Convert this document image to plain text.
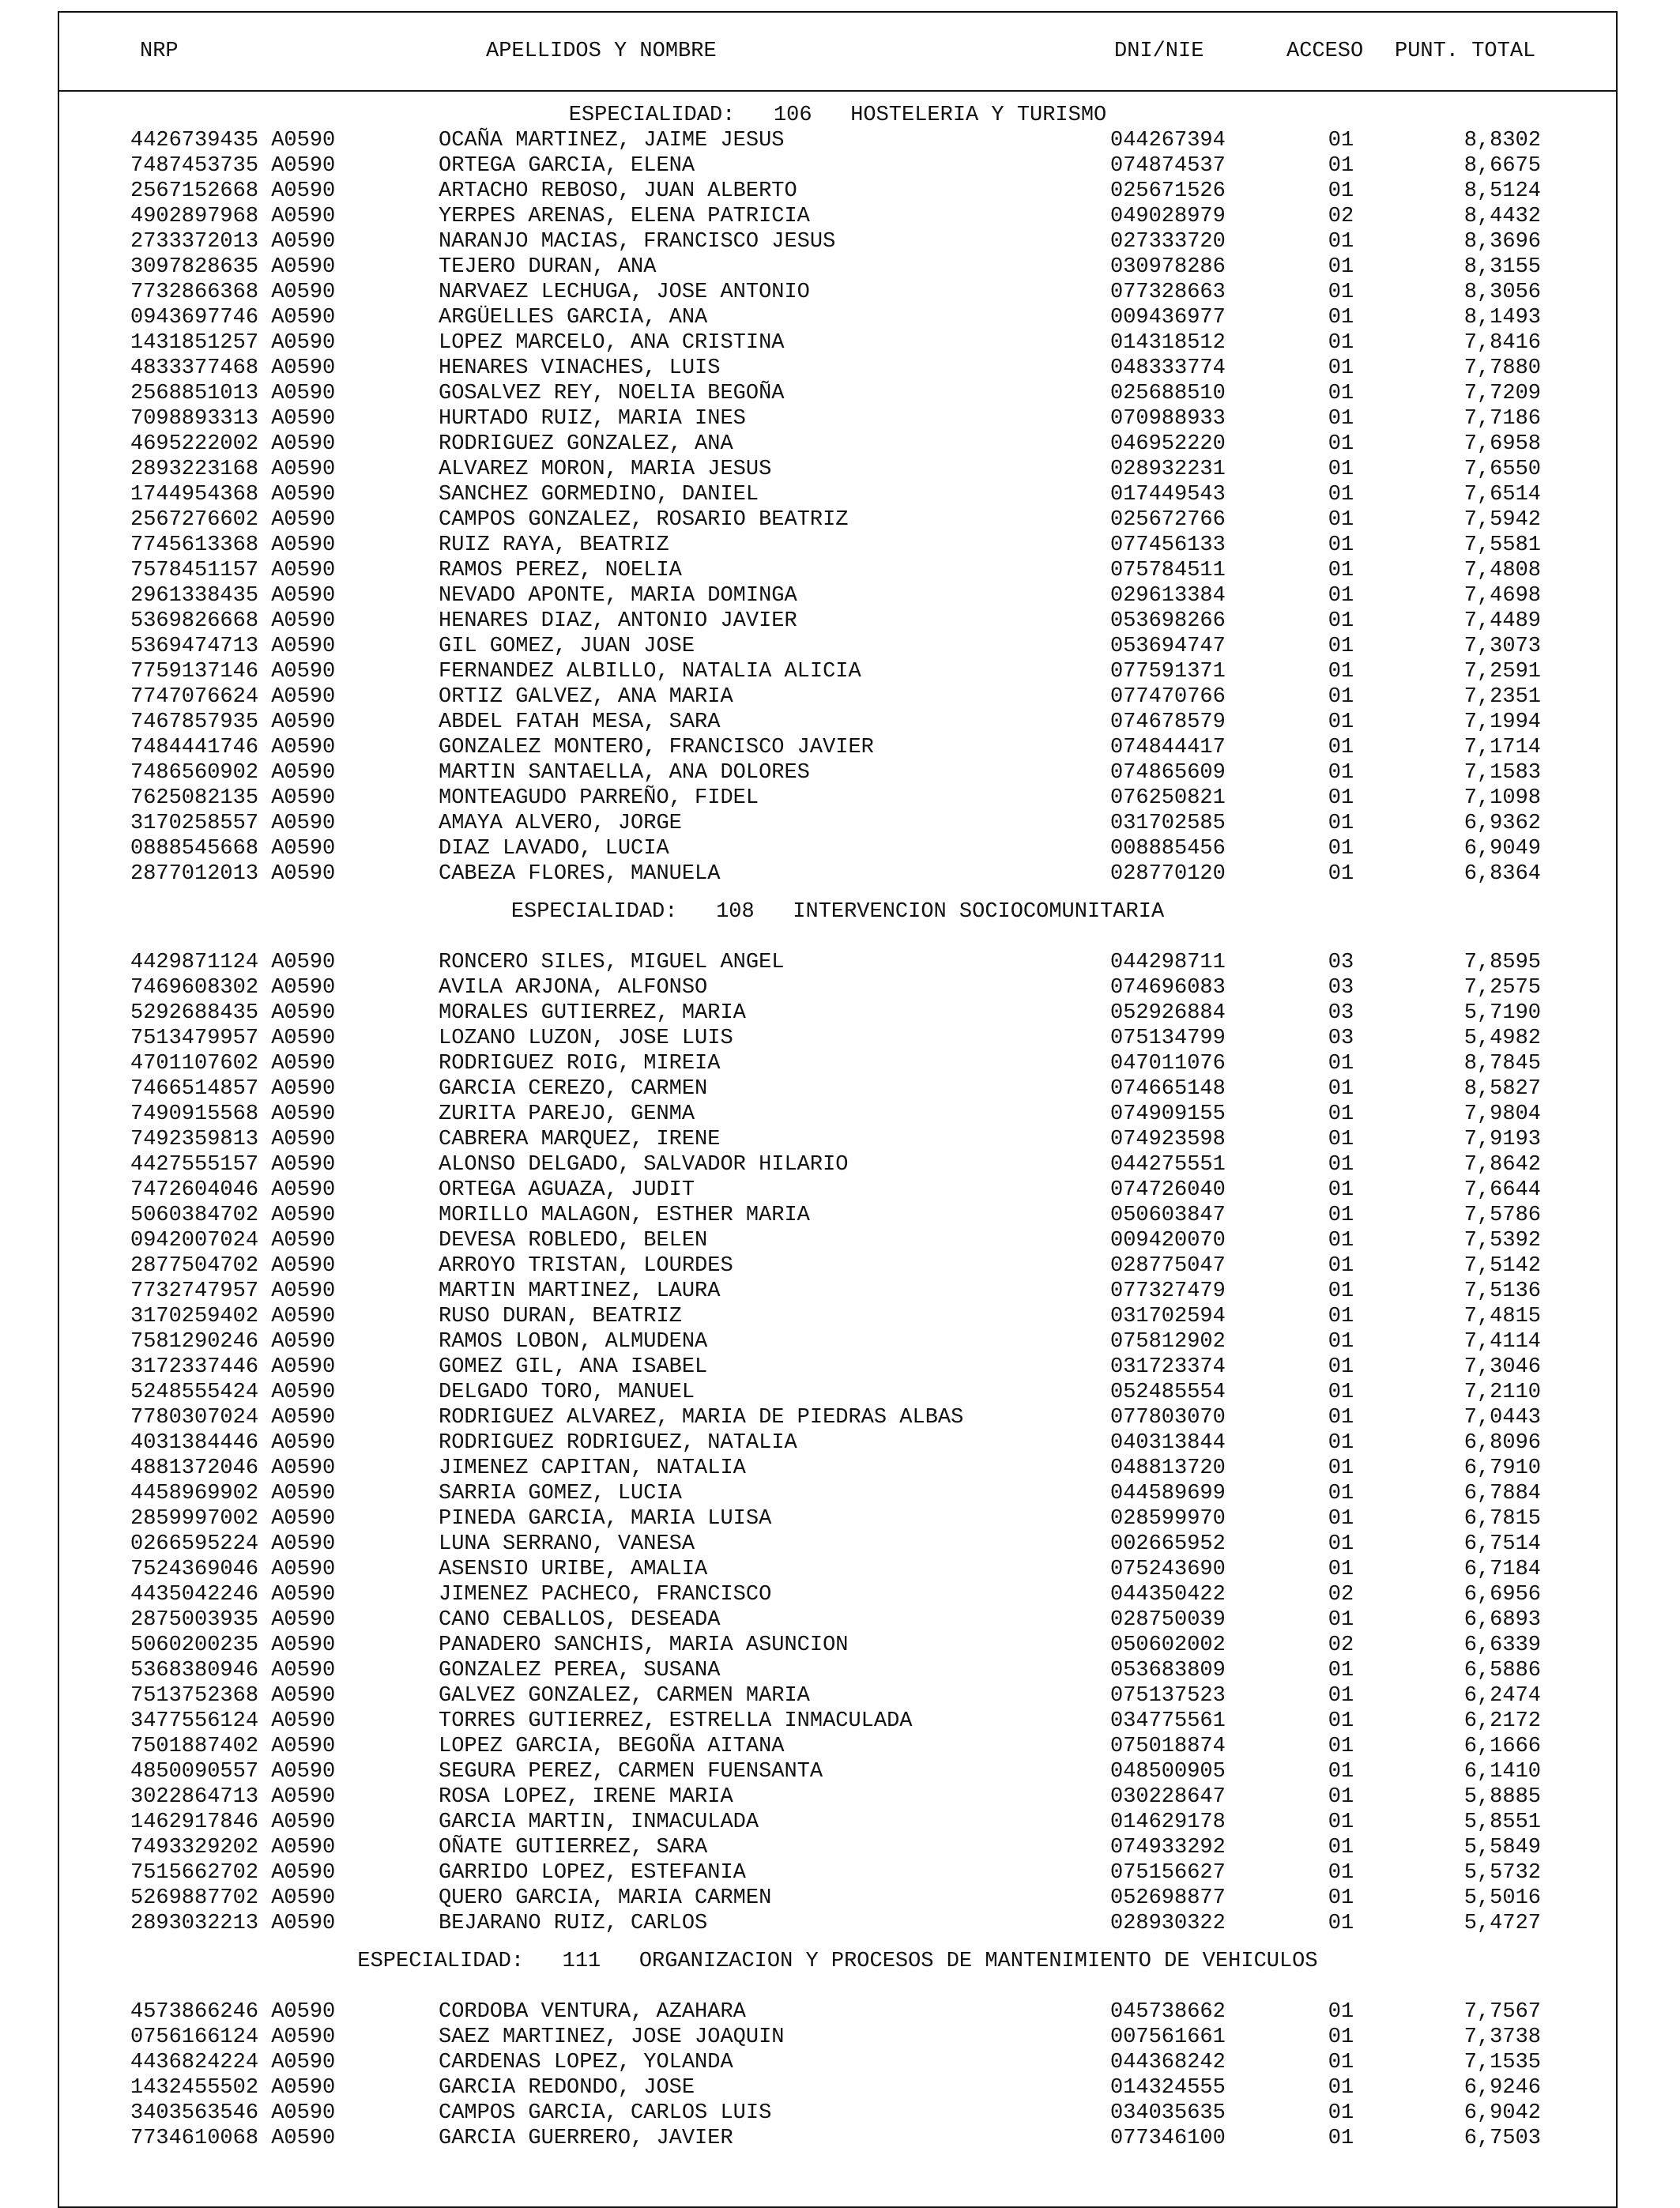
NRP	APELLIDOS Y NOMBRE	DNI/NIE	ACCESO PUNT. TOTAL
ESPECIALIDAD:   106   HOSTELERIA Y TURISMO
4426739435 A0590	OCAÑA MARTINEZ, JAIME JESUS	044267394	01	8,8302
7487453735 A0590	ORTEGA GARCIA, ELENA	074874537	01	8,6675
2567152668 A0590	ARTACHO REBOSO, JUAN ALBERTO	025671526	01	8,5124
4902897968 A0590	YERPES ARENAS, ELENA PATRICIA	049028979	02	8,4432
2733372013 A0590	NARANJO MACIAS, FRANCISCO JESUS	027333720	01	8,3696
3097828635 A0590	TEJERO DURAN, ANA	030978286	01	8,3155
7732866368 A0590	NARVAEZ LECHUGA, JOSE ANTONIO	077328663	01	8,3056
0943697746 A0590	ARGÜELLES GARCIA, ANA	009436977	01	8,1493
1431851257 A0590	LOPEZ MARCELO, ANA CRISTINA	014318512	01	7,8416
4833377468 A0590	HENARES VINACHES, LUIS	048333774	01	7,7880
2568851013 A0590	GOSALVEZ REY, NOELIA BEGOÑA	025688510	01	7,7209
7098893313 A0590	HURTADO RUIZ, MARIA INES	070988933	01	7,7186
4695222002 A0590	RODRIGUEZ GONZALEZ, ANA	046952220	01	7,6958
2893223168 A0590	ALVAREZ MORON, MARIA JESUS	028932231	01	7,6550
1744954368 A0590	SANCHEZ GORMEDINO, DANIEL	017449543	01	7,6514
2567276602 A0590	CAMPOS GONZALEZ, ROSARIO BEATRIZ	025672766	01	7,5942
7745613368 A0590	RUIZ RAYA, BEATRIZ	077456133	01	7,5581
7578451157 A0590	RAMOS PEREZ, NOELIA	075784511	01	7,4808
2961338435 A0590	NEVADO APONTE, MARIA DOMINGA	029613384	01	7,4698
5369826668 A0590	HENARES DIAZ, ANTONIO JAVIER	053698266	01	7,4489
5369474713 A0590	GIL GOMEZ, JUAN JOSE	053694747	01	7,3073
7759137146 A0590	FERNANDEZ ALBILLO, NATALIA ALICIA	077591371	01	7,2591
7747076624 A0590	ORTIZ GALVEZ, ANA MARIA	077470766	01	7,2351
7467857935 A0590	ABDEL FATAH MESA, SARA	074678579	01	7,1994
7484441746 A0590	GONZALEZ MONTERO, FRANCISCO JAVIER	074844417	01	7,1714
7486560902 A0590	MARTIN SANTAELLA, ANA DOLORES	074865609	01	7,1583
7625082135 A0590	MONTEAGUDO PARREÑO, FIDEL	076250821	01	7,1098
3170258557 A0590	AMAYA ALVERO, JORGE	031702585	01	6,9362
0888545668 A0590	DIAZ LAVADO, LUCIA	008885456	01	6,9049
2877012013 A0590	CABEZA FLORES, MANUELA	028770120	01	6,8364
ESPECIALIDAD:   108   INTERVENCION SOCIOCOMUNITARIA
4429871124 A0590	RONCERO SILES, MIGUEL ANGEL	044298711	03	7,8595
7469608302 A0590	AVILA ARJONA, ALFONSO	074696083	03	7,2575
5292688435 A0590	MORALES GUTIERREZ, MARIA	052926884	03	5,7190
7513479957 A0590	LOZANO LUZON, JOSE LUIS	075134799	03	5,4982
4701107602 A0590	RODRIGUEZ ROIG, MIREIA	047011076	01	8,7845
7466514857 A0590	GARCIA CEREZO, CARMEN	074665148	01	8,5827
7490915568 A0590	ZURITA PAREJO, GENMA	074909155	01	7,9804
7492359813 A0590	CABRERA MARQUEZ, IRENE	074923598	01	7,9193
4427555157 A0590	ALONSO DELGADO, SALVADOR HILARIO	044275551	01	7,8642
7472604046 A0590	ORTEGA AGUAZA, JUDIT	074726040	01	7,6644
5060384702 A0590	MORILLO MALAGON, ESTHER MARIA	050603847	01	7,5786
0942007024 A0590	DEVESA ROBLEDO, BELEN	009420070	01	7,5392
2877504702 A0590	ARROYO TRISTAN, LOURDES	028775047	01	7,5142
7732747957 A0590	MARTIN MARTINEZ, LAURA	077327479	01	7,5136
3170259402 A0590	RUSO DURAN, BEATRIZ	031702594	01	7,4815
7581290246 A0590	RAMOS LOBON, ALMUDENA	075812902	01	7,4114
3172337446 A0590	GOMEZ GIL, ANA ISABEL	031723374	01	7,3046
5248555424 A0590	DELGADO TORO, MANUEL	052485554	01	7,2110
7780307024 A0590	RODRIGUEZ ALVAREZ, MARIA DE PIEDRAS ALBAS	077803070	01	7,0443
4031384446 A0590	RODRIGUEZ RODRIGUEZ, NATALIA	040313844	01	6,8096
4881372046 A0590	JIMENEZ CAPITAN, NATALIA	048813720	01	6,7910
4458969902 A0590	SARRIA GOMEZ, LUCIA	044589699	01	6,7884
2859997002 A0590	PINEDA GARCIA, MARIA LUISA	028599970	01	6,7815
0266595224 A0590	LUNA SERRANO, VANESA	002665952	01	6,7514
7524369046 A0590	ASENSIO URIBE, AMALIA	075243690	01	6,7184
4435042246 A0590	JIMENEZ PACHECO, FRANCISCO	044350422	02	6,6956
2875003935 A0590	CANO CEBALLOS, DESEADA	028750039	01	6,6893
5060200235 A0590	PANADERO SANCHIS, MARIA ASUNCION	050602002	02	6,6339
5368380946 A0590	GONZALEZ PEREA, SUSANA	053683809	01	6,5886
7513752368 A0590	GALVEZ GONZALEZ, CARMEN MARIA	075137523	01	6,2474
3477556124 A0590	TORRES GUTIERREZ, ESTRELLA INMACULADA	034775561	01	6,2172
7501887402 A0590	LOPEZ GARCIA, BEGOÑA AITANA	075018874	01	6,1666
4850090557 A0590	SEGURA PEREZ, CARMEN FUENSANTA	048500905	01	6,1410
3022864713 A0590	ROSA LOPEZ, IRENE MARIA	030228647	01	5,8885
1462917846 A0590	GARCIA MARTIN, INMACULADA	014629178	01	5,8551
7493329202 A0590	OÑATE GUTIERREZ, SARA	074933292	01	5,5849
7515662702 A0590	GARRIDO LOPEZ, ESTEFANIA	075156627	01	5,5732
5269887702 A0590	QUERO GARCIA, MARIA CARMEN	052698877	01	5,5016
2893032213 A0590	BEJARANO RUIZ, CARLOS	028930322	01	5,4727
ESPECIALIDAD:   111   ORGANIZACION Y PROCESOS DE MANTENIMIENTO DE VEHICULOS
4573866246 A0590	CORDOBA VENTURA, AZAHARA	045738662	01	7,7567
0756166124 A0590	SAEZ MARTINEZ, JOSE JOAQUIN	007561661	01	7,3738
4436824224 A0590	CARDENAS LOPEZ, YOLANDA	044368242	01	7,1535
1432455502 A0590	GARCIA REDONDO, JOSE	014324555	01	6,9246
3403563546 A0590	CAMPOS GARCIA, CARLOS LUIS	034035635	01	6,9042
7734610068 A0590	GARCIA GUERRERO, JAVIER	077346100	01	6,7503
